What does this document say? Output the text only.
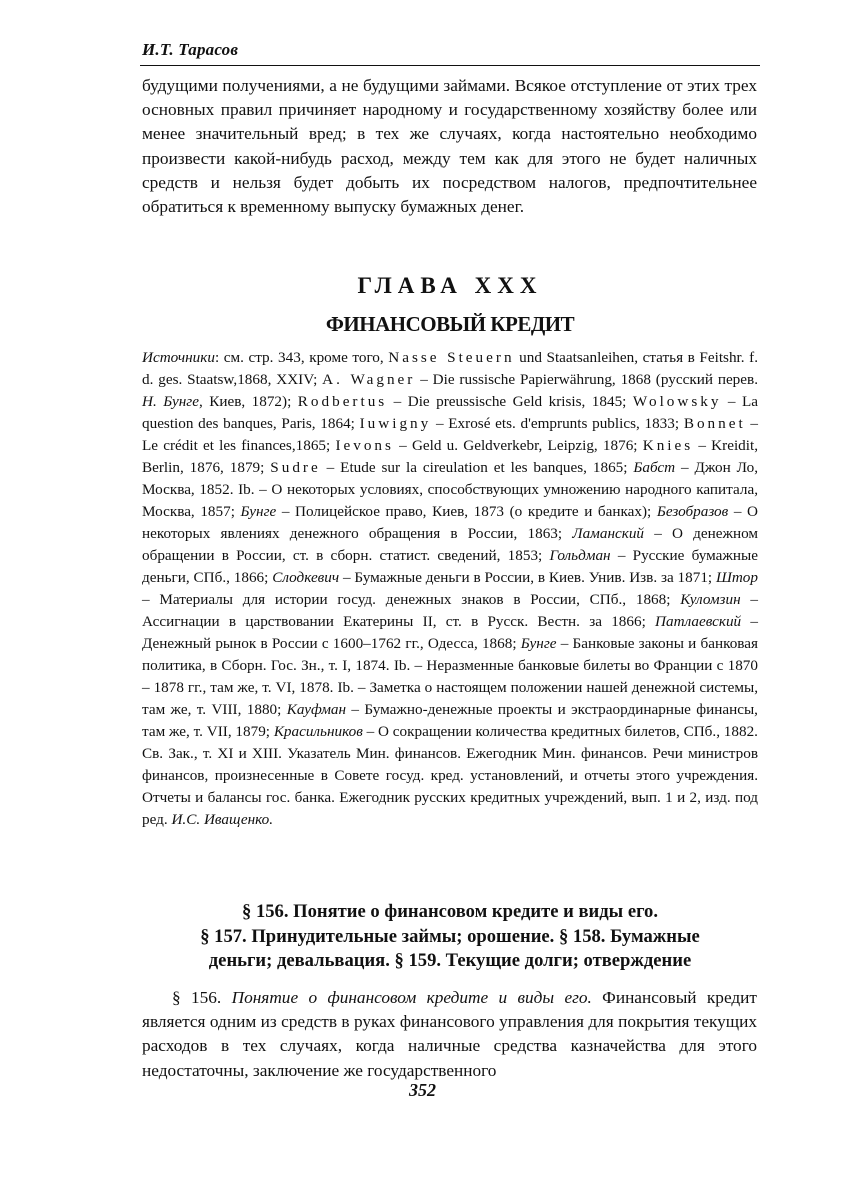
И.Т. Тарасов
будущими получениями, а не будущими займами. Всякое отступление от этих трех основных правил причиняет народному и государственному хозяйству более или менее значительный вред; в тех же случаях, когда настоятельно необходимо произвести какой-нибудь расход, между тем как для этого не будет наличных средств и нельзя будет добыть их посредством налогов, предпочтительнее обратиться к временному выпуску бумажных денег.
ГЛАВА XXX
ФИНАНСОВЫЙ КРЕДИТ
Источники: см. стр. 343, кроме того, Nasse Steuern und Staatsanleihen, статья в Feitshr. f. d. ges. Staatsw,1868, XXIV; A. Wagner – Die russische Papierwährung, 1868 (русский перев. Н. Бунге, Киев, 1872); Rodbertus – Die preussische Geld krisis, 1845; Wolowsky – La question des banques, Paris, 1864; Iuwigny – Exrosé ets. d'emprunts publics, 1833; Bonnet – Le crédit et les finances,1865; Ievons – Geld u. Geldverkebr, Leipzig, 1876; Knies – Kreidit, Berlin, 1876, 1879; Sudre – Etude sur la cireulation et les banques, 1865; Бабст – Джон Ло, Москва, 1852. Ib. – О некоторых условиях, способствующих умножению народного капитала, Москва, 1857; Бунге – Полицейское право, Киев, 1873 (о кредите и банках); Безобразов – О некоторых явлениях денежного обращения в России, 1863; Ламанский – О денежном обращении в России, ст. в сборн. статист. сведений, 1853; Гольдман – Русские бумажные деньги, СПб., 1866; Слодкевич – Бумажные деньги в России, в Киев. Унив. Изв. за 1871; Штор – Материалы для истории госуд. денежных знаков в России, СПб., 1868; Куломзин – Ассигнации в царствовании Екатерины II, ст. в Русск. Вестн. за 1866; Патлаевский – Денежный рынок в России с 1600–1762 гг., Одесса, 1868; Бунге – Банковые законы и банковая политика, в Сборн. Гос. Зн., т. I, 1874. Ib. – Неразменные банковые билеты во Франции с 1870 – 1878 гг., там же, т. VI, 1878. Ib. – Заметка о настоящем положении нашей денежной системы, там же, т. VIII, 1880; Кауфман – Бумажно-денежные проекты и экстраординарные финансы, там же, т. VII, 1879; Красильников – О сокращении количества кредитных билетов, СПб., 1882. Св. Зак., т. XI и XIII. Указатель Мин. финансов. Ежегодник Мин. финансов. Речи министров финансов, произнесенные в Совете госуд. кред. установлений, и отчеты этого учреждения. Отчеты и балансы гос. банка. Ежегодник русских кредитных учреждений, вып. 1 и 2, изд. под ред. И.С. Иващенко.
§ 156. Понятие о финансовом кредите и виды его.
§ 157. Принудительные займы; орошение. § 158. Бумажные
деньги; девальвация. § 159. Текущие долги; отверждение
§ 156. Понятие о финансовом кредите и виды его. Финансовый кредит является одним из средств в руках финансового управления для покрытия текущих расходов в тех случаях, когда наличные средства казначейства для этого недостаточны, заключение же государственного
352
